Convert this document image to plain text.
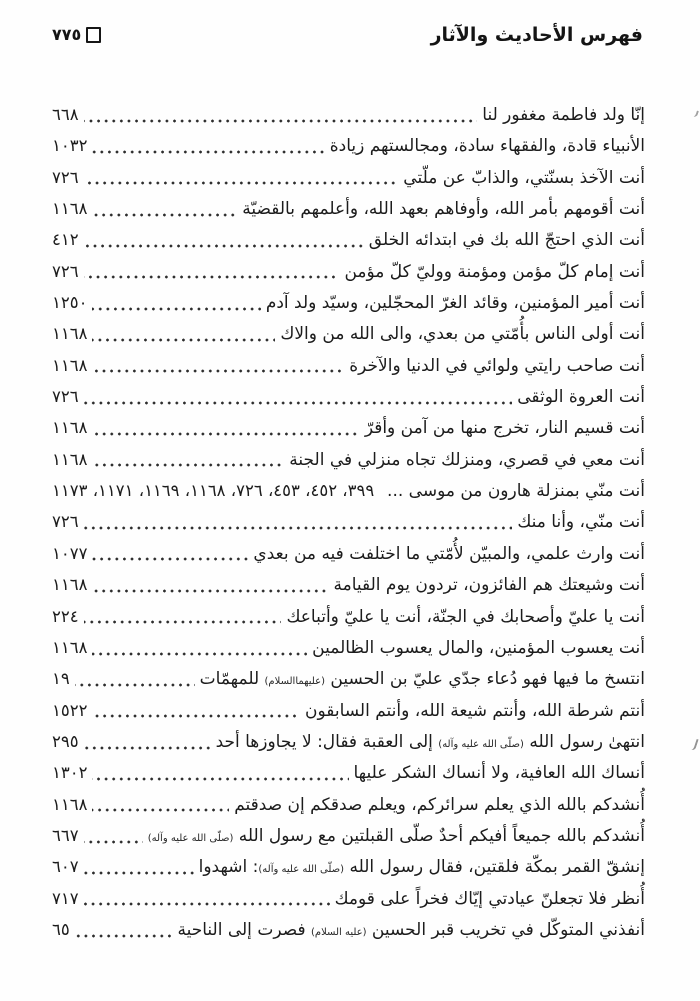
فهرس الأحاديث والآثار
٧٧٥
إنّا ولد فاطمة مغفور لنا
٦٦٨
الأنبياء قادة، والفقهاء سادة، ومجالستهم زيادة
١٠٣٢
أنت الآخذ بسنّتي، والذابّ عن ملّتي
٧٢٦
أنت أقومهم بأمر الله، وأوفاهم بعهد الله، وأعلمهم بالقضيّة
١١٦٨
أنت الذي احتجّ الله بك في ابتدائه الخلق
٤١٢
أنت إمام كلّ مؤمن ومؤمنة ووليّ كلّ مؤمن
٧٢٦
أنت أمير المؤمنين، وقائد الغرّ المحجّلين، وسيّد ولد آدم
١٢٥٠
أنت أولى الناس بأُمّتي من بعدي، والى الله من والاك
١١٦٨
أنت صاحب رايتي ولوائي في الدنيا والآخرة
١١٦٨
أنت العروة الوثقى
٧٢٦
أنت قسيم النار، تخرج منها من آمن وأقرّ
١١٦٨
أنت معي في قصري، ومنزلك تجاه منزلي في الجنة
١١٦٨
أنت منّي بمنزلة هارون من موسى ...
٣٩٩، ٤٥٢، ٤٥٣، ٧٢٦، ١١٦٨، ١١٦٩، ١١٧١، ١١٧٣
أنت منّي، وأنا منك
٧٢٦
أنت وارث علمي، والمبيّن لأُمّتي ما اختلفت فيه من بعدي
١٠٧٧
أنت وشيعتك هم الفائزون، تردون يوم القيامة
١١٦٨
أنت يا عليّ وأصحابك في الجنّة، أنت يا عليّ وأتباعك
٢٢٤
أنت يعسوب المؤمنين، والمال يعسوب الظالمين
١١٦٨
انتسخ ما فيها فهو دُعاء جدّي عليّ بن الحسين (عليهماالسلام) للمهمّات
١٩
أنتم شرطة الله، وأنتم شيعة الله، وأنتم السابقون
١٥٢٢
انتهىٰ رسول الله (صلّى الله عليه وآله) إلى العقبة فقال: لا يجاوزها أحد
٢٩٥
أنساك الله العافية، ولا أنساك الشكر عليها
١٣٠٢
أُنشدكم بالله الذي يعلم سرائركم، ويعلم صدقكم إن صدقتم
١١٦٨
أُنشدكم بالله جميعاً أفيكم أحدٌ صلّى القبلتين مع رسول الله (صلّى الله عليه وآله)
٦٦٧
إنشقّ القمر بمكّة فلقتين، فقال رسول الله (صلّى الله عليه وآله): اشهدوا
٦٠٧
أُنظر فلا تجعلنّ عيادتي إيّاك فخراً على قومك
٧١٧
أنفذني المتوكّل في تخريب قبر الحسين (عليه السلام) فصرت إلى الناحية
٦٥
